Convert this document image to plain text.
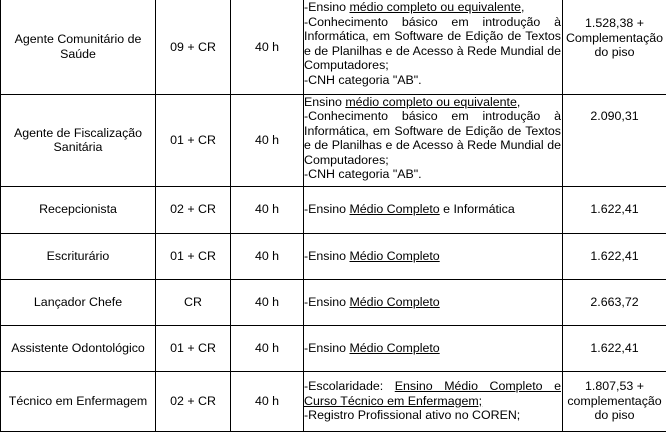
Agente Comunitário de Saúde	09 + CR	40 h	-Ensino médio completo ou equivalente,
-Conhecimento básico em introdução à Informática, em Software de Edição de Textos e de Planilhas e de Acesso à Rede Mundial de Computadores;
-CNH categoria "AB".	1.528,38 + Complementação do piso
Agente de Fiscalização Sanitária	01 + CR	40 h	Ensino médio completo ou equivalente,
-Conhecimento básico em introdução à Informática, em Software de Edição de Textos e de Planilhas e de Acesso à Rede Mundial de Computadores;
-CNH categoria "AB".	2.090,31
Recepcionista	02 + CR	40 h	-Ensino Médio Completo e Informática	1.622,41
Escriturário	01 + CR	40 h	-Ensino Médio Completo	1.622,41
Lançador Chefe	CR	40 h	-Ensino Médio Completo	2.663,72
Assistente Odontológico	01 + CR	40 h	-Ensino Médio Completo	1.622,41
Técnico em Enfermagem	02 + CR	40 h	-Escolaridade: Ensino Médio Completo e Curso Técnico em Enfermagem;
-Registro Profissional ativo no COREN;	1.807,53 + complementação do piso
